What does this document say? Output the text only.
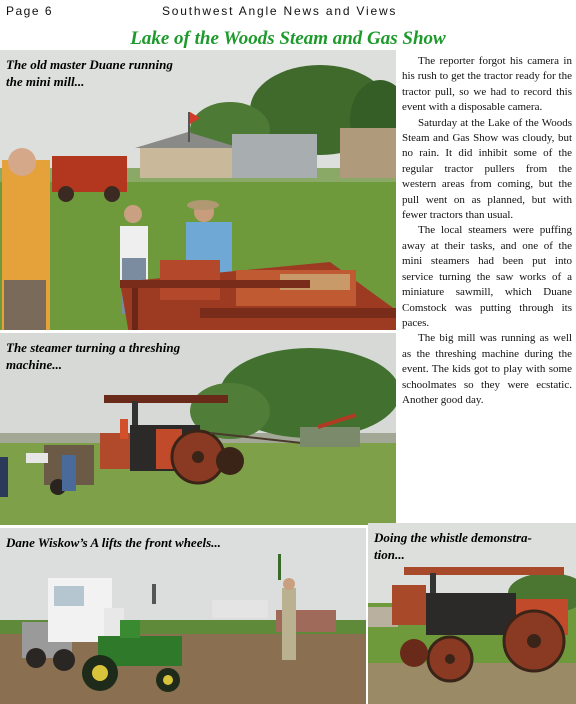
Page 6	Southwest Angle News and Views
Lake of the Woods Steam and Gas Show
The old master Duane running
the mini mill...
The steamer turning a threshing
machine...
Dane Wiskow’s A lifts the front wheels...	Doing the whistle demonstra-
tion...

The reporter forgot his camera in his rush to get the tractor ready for the tractor pull, so we had to record this event with a disposable camera.

Saturday at the Lake of the Woods Steam and Gas Show was cloudy, but no rain. It did inhibit some of the regular tractor pullers from the western areas from coming, but the pull went on as planned, but with fewer tractors than usual.

The local steamers were puffing away at their tasks, and one of the mini steamers had been put into service turning the saw works of a miniature sawmill, which Duane Comstock was putting through its paces.

The big mill was running as well as the threshing machine during the event. The kids got to play with some schoolmates so they were ecstatic. Another good day.
